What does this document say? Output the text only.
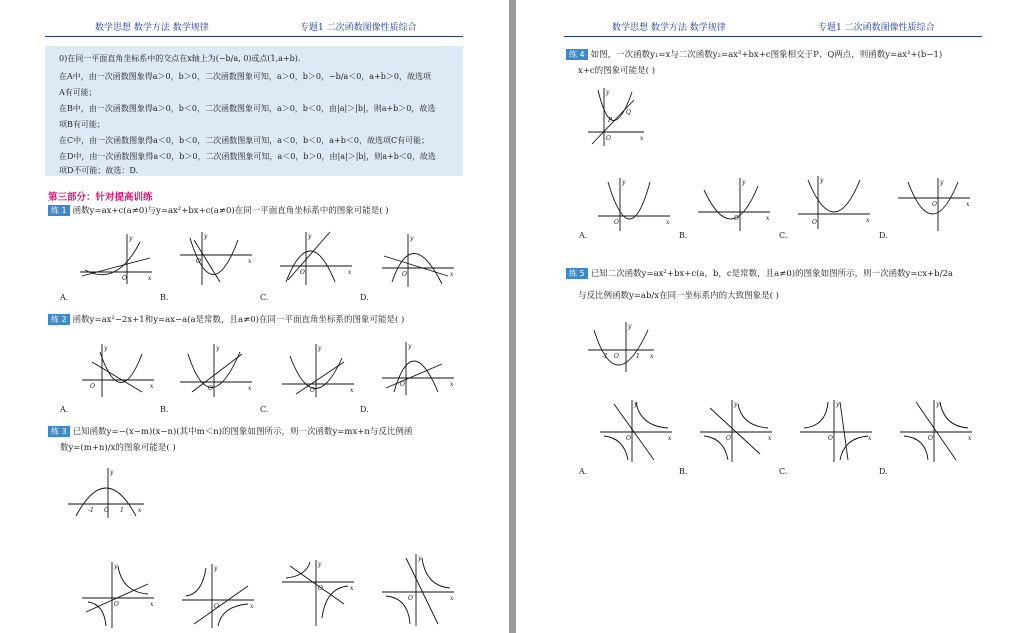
数学思想 数学方法 数学规律	专题1 二次函数图像性质综合
0)在同一平面直角坐标系中的交点在x轴上为(−b/a, 0)或点(1,a+b).
在A中，由一次函数图象得a＞0，b＞0，二次函数图象可知，a＞0，b＞0，−b/a＜0，a+b＞0，故选项
A有可能；
在B中，由一次函数图象得a＞0，b＜0，二次函数图象可知，a＞0，b＜0，由|a|＞|b|，则a+b＞0，故选
项B有可能；
在C中，由一次函数图象得a＜0，b＜0，二次函数图象可知，a＜0，b＜0，a+b＜0，故选项C有可能；
在D中，由一次函数图象得a＜0，b＞0，二次函数图象可知，a＜0，b＞0，由|a|＞|b|，则a+b＜0，故选
项D不可能；故选：D.
第三部分：针对提高训练
练 1 函数y=ax+c(a≠0)与y=ax²+bx+c(a≠0)在同一平面直角坐标系中的图象可能是( )
y
x
O
A.
y
x
O
B.
y
x
O
C.
y
x
O
D.
练 2 函数y=ax²−2x+1和y=ax−a(a是常数，且a≠0)在同一平面直角坐标系的图象可能是( )
y
x
O
A.
y
x
O
B.
y
x
O
C.
y
x
O
D.
练 3 已知函数y=−(x−m)(x−n)(其中m＜n)的图象如图所示，则一次函数y=mx+n与反比例函
数y=(m+n)/x的图象可能是( )
y
x
-1 O 1
y
x
O
y
x
O
y
x
O
y
x
O
数学思想 数学方法 数学规律	专题1 二次函数图像性质综合
练 4 如图，一次函数y₁=x与二次函数y₂=ax²+bx+c图象相交于P、Q两点，则函数y=ax²+(b−1)
x+c的图象可能是( )
y
x
O
P
Q
y
x
O
A.
y
x
O
B.
y
x
O
C.
y
x
O
D.
练 5 已知二次函数y=ax²+bx+c(a，b，c是常数，且a≠0)的图象如图所示，则一次函数y=cx+b/2a
与反比例函数y=ab/x在同一坐标系内的大致图象是( )
y
x
-1 O	1
y
x
O
A.
y
x
O
B.
y
x
O
C.
y
x
O
D.
